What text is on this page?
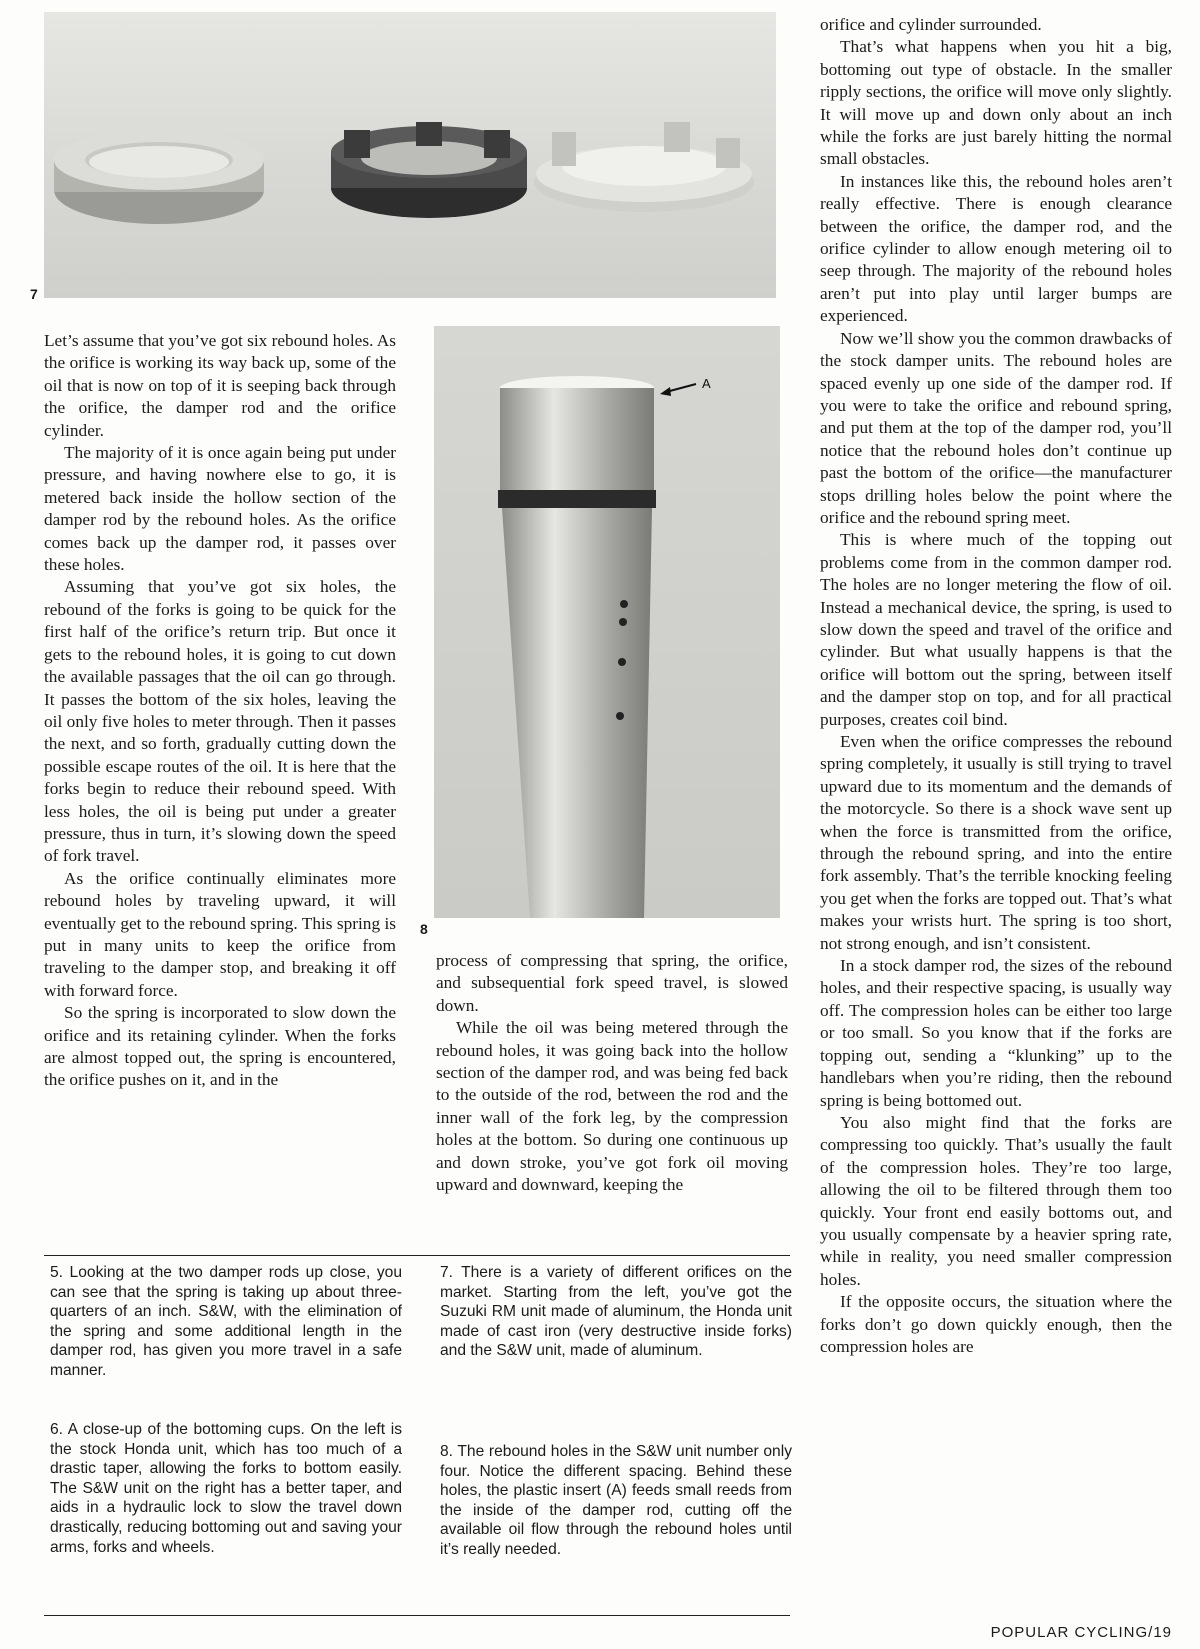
7
A
8

Let’s assume that you’ve got six rebound holes. As the orifice is working its way back up, some of the oil that is now on top of it is seeping back through the orifice, the damper rod and the orifice cylinder.

The majority of it is once again being put under pressure, and having nowhere else to go, it is metered back inside the hollow section of the damper rod by the rebound holes. As the orifice comes back up the damper rod, it passes over these holes.

Assuming that you’ve got six holes, the rebound of the forks is going to be quick for the first half of the orifice’s return trip. But once it gets to the rebound holes, it is going to cut down the available passages that the oil can go through. It passes the bottom of the six holes, leaving the oil only five holes to meter through. Then it passes the next, and so forth, gradually cutting down the possible escape routes of the oil. It is here that the forks begin to reduce their rebound speed. With less holes, the oil is being put under a greater pressure, thus in turn, it’s slowing down the speed of fork travel.

As the orifice continually eliminates more rebound holes by traveling upward, it will eventually get to the rebound spring. This spring is put in many units to keep the orifice from traveling to the damper stop, and breaking it off with forward force.

So the spring is incorporated to slow down the orifice and its retaining cylinder. When the forks are almost topped out, the spring is encountered, the orifice pushes on it, and in the

process of compressing that spring, the orifice, and subsequential fork speed travel, is slowed down.

While the oil was being metered through the rebound holes, it was going back into the hollow section of the damper rod, and was being fed back to the outside of the rod, between the rod and the inner wall of the fork leg, by the compression holes at the bottom. So during one continuous up and down stroke, you’ve got fork oil moving upward and downward, keeping the

orifice and cylinder surrounded.

That’s what happens when you hit a big, bottoming out type of obstacle. In the smaller ripply sections, the orifice will move only slightly. It will move up and down only about an inch while the forks are just barely hitting the normal small obstacles.

In instances like this, the rebound holes aren’t really effective. There is enough clearance between the orifice, the damper rod, and the orifice cylinder to allow enough metering oil to seep through. The majority of the rebound holes aren’t put into play until larger bumps are experienced.

Now we’ll show you the common drawbacks of the stock damper units. The rebound holes are spaced evenly up one side of the damper rod. If you were to take the orifice and rebound spring, and put them at the top of the damper rod, you’ll notice that the rebound holes don’t continue up past the bottom of the orifice—the manufacturer stops drilling holes below the point where the orifice and the rebound spring meet.

This is where much of the topping out problems come from in the common damper rod. The holes are no longer metering the flow of oil. Instead a mechanical device, the spring, is used to slow down the speed and travel of the orifice and cylinder. But what usually happens is that the orifice will bottom out the spring, between itself and the damper stop on top, and for all practical purposes, creates coil bind.

Even when the orifice compresses the rebound spring completely, it usually is still trying to travel upward due to its momentum and the demands of the motorcycle. So there is a shock wave sent up when the force is transmitted from the orifice, through the rebound spring, and into the entire fork assembly. That’s the terrible knocking feeling you get when the forks are topped out. That’s what makes your wrists hurt. The spring is too short, not strong enough, and isn’t consistent.

In a stock damper rod, the sizes of the rebound holes, and their respective spacing, is usually way off. The compression holes can be either too large or too small. So you know that if the forks are topping out, sending a “klunking” up to the handlebars when you’re riding, then the rebound spring is being bottomed out.

You also might find that the forks are compressing too quickly. That’s usually the fault of the compression holes. They’re too large, allowing the oil to be filtered through them too quickly. Your front end easily bottoms out, and you usually compensate by a heavier spring rate, while in reality, you need smaller compression holes.

If the opposite occurs, the situation where the forks don’t go down quickly enough, then the compression holes are

5. Looking at the two damper rods up close, you can see that the spring is taking up about three-quarters of an inch. S&W, with the elimination of the spring and some additional length in the damper rod, has given you more travel in a safe manner.

6. A close-up of the bottoming cups. On the left is the stock Honda unit, which has too much of a drastic taper, allowing the forks to bottom easily. The S&W unit on the right has a better taper, and aids in a hydraulic lock to slow the travel down drastically, reducing bottoming out and saving your arms, forks and wheels.

7. There is a variety of different orifices on the market. Starting from the left, you’ve got the Suzuki RM unit made of aluminum, the Honda unit made of cast iron (very destructive inside forks) and the S&W unit, made of aluminum.

8. The rebound holes in the S&W unit number only four. Notice the different spacing. Behind these holes, the plastic insert (A) feeds small reeds from the inside of the damper rod, cutting off the available oil flow through the rebound holes until it’s really needed.

POPULAR CYCLING/19
